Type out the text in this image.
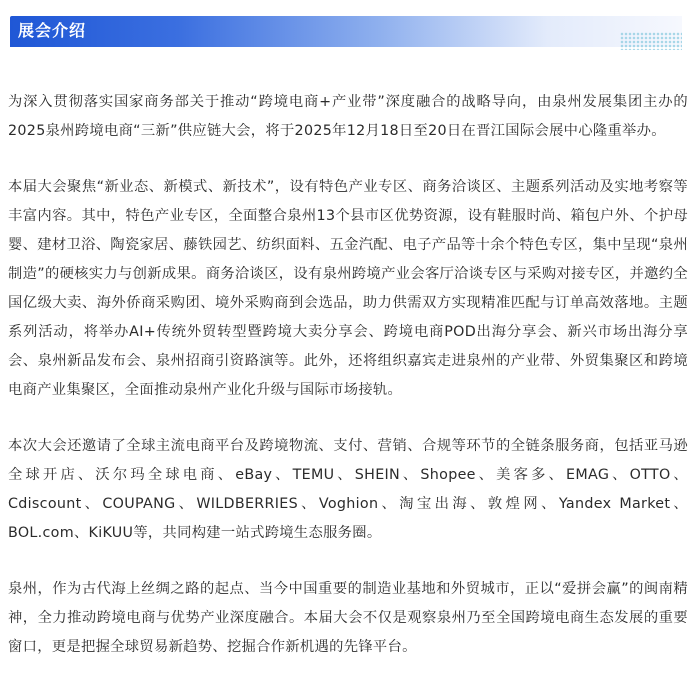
展会介绍

为深入贯彻落实国家商务部关于推动“跨境电商+产业带”深度融合的战略导向，由泉州发展集团主办的2025泉州跨境电商“三新”供应链大会，将于2025年12月18日至20日在晋江国际会展中心隆重举办。

本届大会聚焦“新业态、新模式、新技术”，设有特色产业专区、商务洽谈区、主题系列活动及实地考察等丰富内容。其中，特色产业专区，全面整合泉州13个县市区优势资源，设有鞋服时尚、箱包户外、个护母婴、建材卫浴、陶瓷家居、藤铁园艺、纺织面料、五金汽配、电子产品等十余个特色专区，集中呈现“泉州制造”的硬核实力与创新成果。商务洽谈区，设有泉州跨境产业会客厅洽谈专区与采购对接专区，并邀约全国亿级大卖、海外侨商采购团、境外采购商到会选品，助力供需双方实现精准匹配与订单高效落地。主题系列活动，将举办AI+传统外贸转型暨跨境大卖分享会、跨境电商POD出海分享会、新兴市场出海分享会、泉州新品发布会、泉州招商引资路演等。此外，还将组织嘉宾走进泉州的产业带、外贸集聚区和跨境电商产业集聚区，全面推动泉州产业化升级与国际市场接轨。

本次大会还邀请了全球主流电商平台及跨境物流、支付、营销、合规等环节的全链条服务商，包括亚马逊全球开店、沃尔玛全球电商、eBay、TEMU、SHEIN、Shopee、美客多、EMAG、OTTO、Cdiscount、COUPANG、WILDBERRIES、Voghion、淘宝出海、敦煌网、Yandex Market、BOL.com、KiKUU等，共同构建一站式跨境生态服务圈。

泉州，作为古代海上丝绸之路的起点、当今中国重要的制造业基地和外贸城市，正以“爱拼会赢”的闽南精神，全力推动跨境电商与优势产业深度融合。本届大会不仅是观察泉州乃至全国跨境电商生态发展的重要窗口，更是把握全球贸易新趋势、挖掘合作新机遇的先锋平台。
